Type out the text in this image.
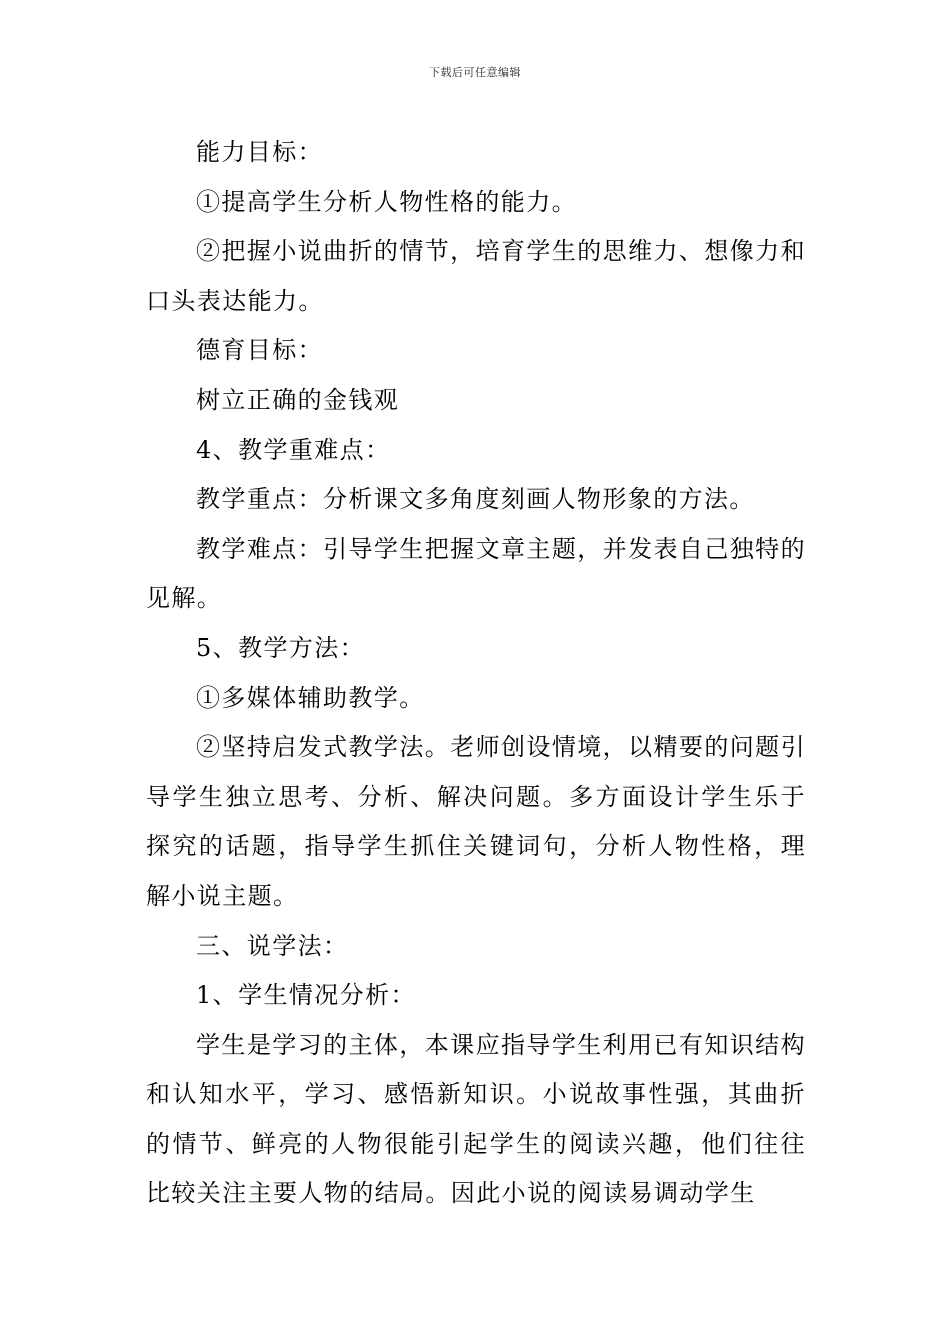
下载后可任意编辑

能力目标：

①提高学生分析人物性格的能力。

②把握小说曲折的情节，培育学生的思维力、想像力和口头表达能力。

德育目标：

树立正确的金钱观

4、教学重难点：

教学重点：分析课文多角度刻画人物形象的方法。

教学难点：引导学生把握文章主题，并发表自己独特的见解。

5、教学方法：

①多媒体辅助教学。

②坚持启发式教学法。老师创设情境，以精要的问题引导学生独立思考、分析、解决问题。多方面设计学生乐于探究的话题，指导学生抓住关键词句，分析人物性格，理解小说主题。

三、说学法：

1、学生情况分析：

学生是学习的主体，本课应指导学生利用已有知识结构和认知水平，学习、感悟新知识。小说故事性强，其曲折的情节、鲜亮的人物很能引起学生的阅读兴趣，他们往往比较关注主要人物的结局。因此小说的阅读易调动学生
